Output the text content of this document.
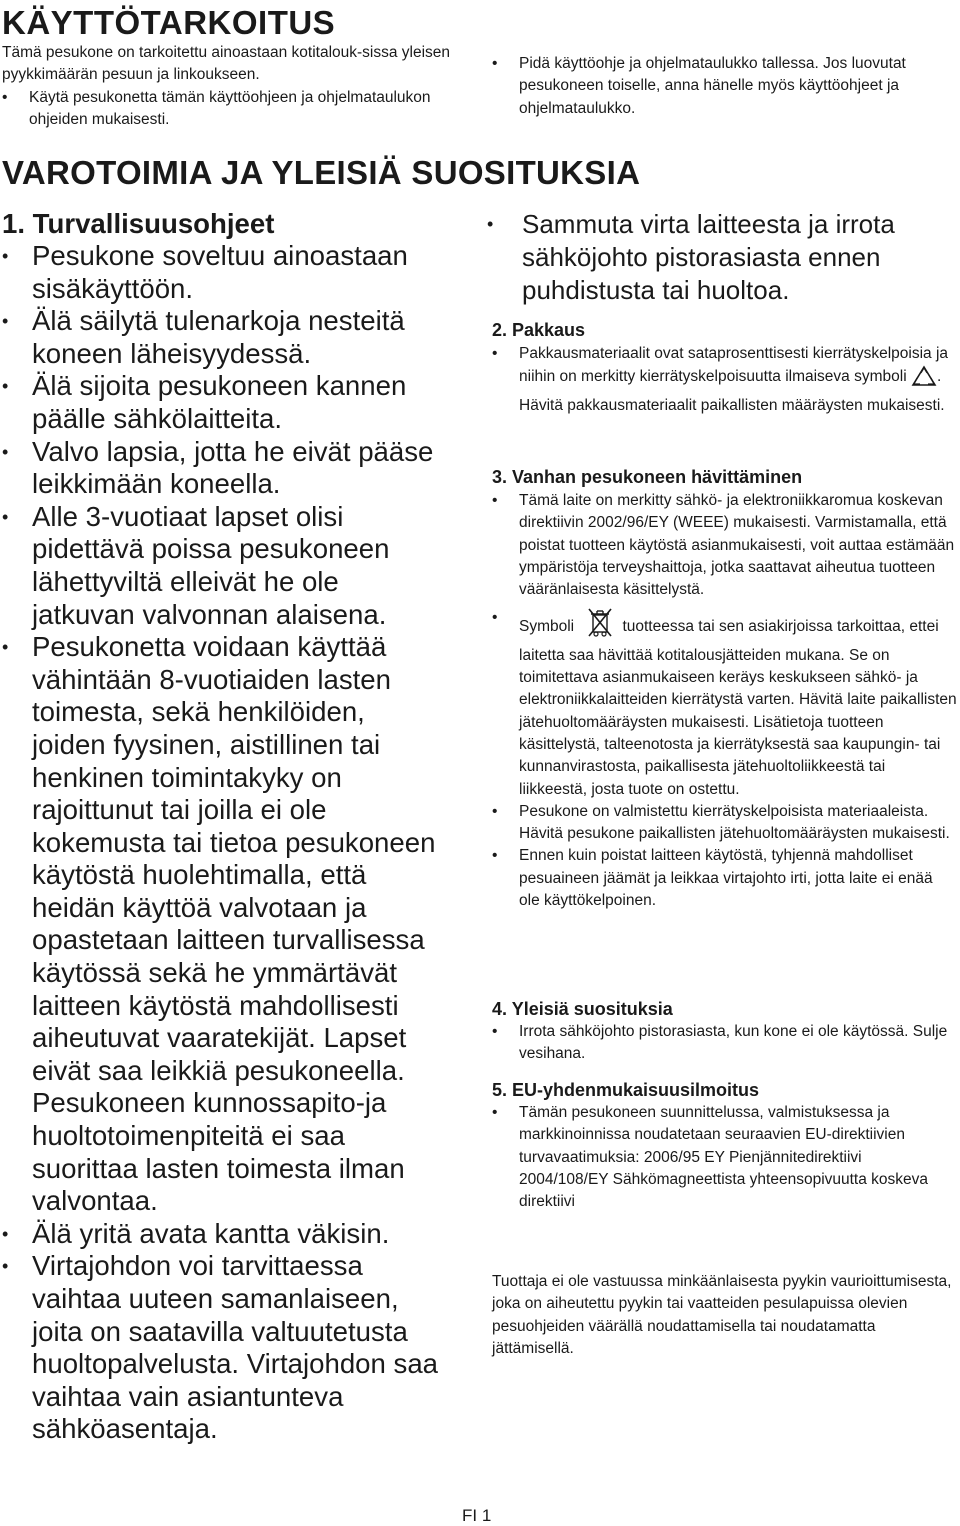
KÄYTTÖTARKOITUS

Tämä pesukone on tarkoitettu ainoastaan kotitalouk-sissa yleisen pyykkimäärän pesuun ja linkoukseen.

• Käytä pesukonetta tämän käyttöohjeen ja ohjelmataulukon ohjeiden mukaisesti.
• Pidä käyttöohje ja ohjelmataulukko tallessa. Jos luovutat pesukoneen toiselle, anna hänelle myös käyttöohjeet ja ohjelmataulukko.
VAROTOIMIA JA YLEISIÄ SUOSITUKSIA
1. Turvallisuusohjeet
• Pesukone soveltuu ainoastaan sisäkäyttöön.
• Älä säilytä tulenarkoja nesteitä koneen läheisyydessä.
• Älä sijoita pesukoneen kannen päälle sähkölaitteita.
• Valvo lapsia, jotta he eivät pääse leikkimään koneella.
• Alle 3-vuotiaat lapset olisi pidettävä poissa pesukoneen lähettyviltä elleivät he ole jatkuvan valvonnan alaisena.
• Pesukonetta voidaan käyttää vähintään 8-vuotiaiden lasten toimesta, sekä henkilöiden, joiden fyysinen, aistillinen tai henkinen toimintakyky on rajoittunut tai joilla ei ole kokemusta tai tietoa pesukoneen käytöstä huolehtimalla, että heidän käyttöä valvotaan ja opastetaan laitteen turvallisessa käytössä sekä he ymmärtävät laitteen käytöstä mahdollisesti aiheutuvat vaaratekijät. Lapset eivät saa leikkiä pesukoneella. Pesukoneen kunnossapito-ja huoltotoimenpiteitä ei saa suorittaa lasten toimesta ilman valvontaa.
• Älä yritä avata kantta väkisin.
• Virtajohdon voi tarvittaessa vaihtaa uuteen samanlaiseen, joita on saatavilla valtuutetusta huoltopalvelusta. Virtajohdon saa vaihtaa vain asiantunteva sähköasentaja.
• Sammuta virta laitteesta ja irrota sähköjohto pistorasiasta ennen puhdistusta tai huoltoa.
2. Pakkaus
• Pakkausmateriaalit ovat sataprosenttisesti kierrätyskelpoisia ja niihin on merkitty kierrätyskelpoisuutta ilmaiseva symboli . Hävitä pakkausmateriaalit paikallisten määräysten mukaisesti.
3. Vanhan pesukoneen hävittäminen
• Tämä laite on merkitty sähkö- ja elektroniikkaromua koskevan direktiivin 2002/96/EY (WEEE) mukaisesti. Varmistamalla, että poistat tuotteen käytöstä asianmukaisesti, voit auttaa estämään ympäristöja terveyshaittoja, jotka saattavat aiheutua tuotteen vääränlaisesta käsittelystä.
• Symboli	tuotteessa tai sen asiakirjoissa tarkoittaa, ettei laitetta saa hävittää kotitalousjätteiden mukana. Se on toimitettava asianmukaiseen keräys keskukseen sähkö- ja elektroniikkalaitteiden kierrätystä varten. Hävitä laite paikallisten jätehuoltomääräysten mukaisesti. Lisätietoja tuotteen käsittelystä, talteenotosta ja kierrätyksestä saa kaupungin- tai kunnanvirastosta, paikallisesta jätehuoltoliikkeestä tai liikkeestä, josta tuote on ostettu.
• Pesukone on valmistettu kierrätyskelpoisista materiaaleista. Hävitä pesukone paikallisten jätehuoltomääräysten mukaisesti.
• Ennen kuin poistat laitteen käytöstä, tyhjennä mahdolliset pesuaineen jäämät ja leikkaa virtajohto irti, jotta laite ei enää ole käyttökelpoinen.
4. Yleisiä suosituksia
• Irrota sähköjohto pistorasiasta, kun kone ei ole käytössä. Sulje vesihana.
5. EU-yhdenmukaisuusilmoitus
• Tämän pesukoneen suunnittelussa, valmistuksessa ja markkinoinnissa noudatetaan seuraavien EU-direktiivien turvavaatimuksia: 2006/95 EY Pienjännitedirektiivi 2004/108/EY Sähkömagneettista yhteensopivuutta koskeva direktiivi
Tuottaja ei ole vastuussa minkäänlaisesta pyykin vaurioittumisesta, joka on aiheutettu pyykin tai vaatteiden pesulapuissa olevien pesuohjeiden väärällä noudattamisella tai noudatamatta jättämisellä.
FI 1
